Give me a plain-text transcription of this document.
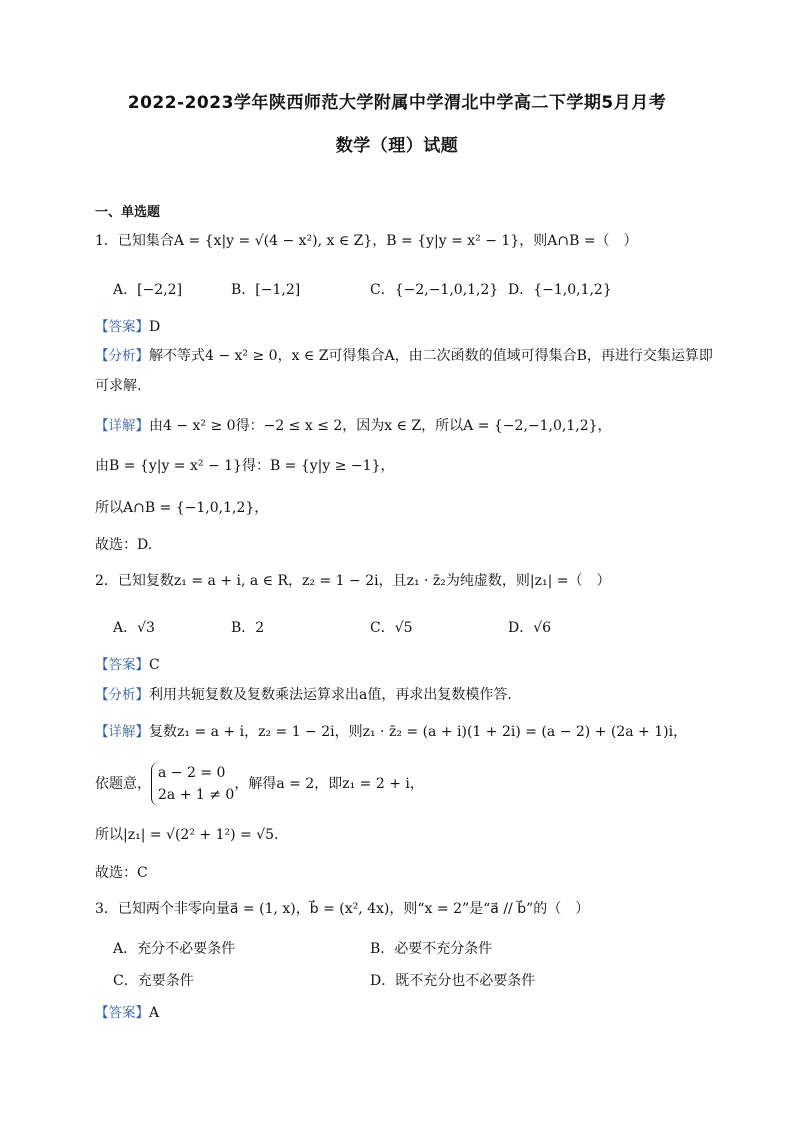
2022-2023学年陕西师范大学附属中学渭北中学高二下学期5月月考
数学（理）试题
一、单选题
1．已知集合A = {x|y = √(4 − x²), x ∈ Z}，B = {y|y = x² − 1}，则A∩B =（　）
A．[−2,2]	B．[−1,2]	C．{−2,−1,0,1,2} D．{−1,0,1,2}
【答案】D
【分析】解不等式4 − x² ≥ 0，x ∈ Z可得集合A，由二次函数的值域可得集合B，再进行交集运算即
可求解.
【详解】由4 − x² ≥ 0得：−2 ≤ x ≤ 2，因为x ∈ Z，所以A = {−2,−1,0,1,2}，
由B = {y|y = x² − 1}得：B = {y|y ≥ −1}，
所以A∩B = {−1,0,1,2}，
故选：D.
2．已知复数z₁ = a + i, a ∈ R，z₂ = 1 − 2i，且z₁ · z̄₂为纯虚数，则|z₁| =（　）
A．√3	B．2	C．√5	D．√6
【答案】C
【分析】利用共轭复数及复数乘法运算求出a值，再求出复数模作答.
【详解】复数z₁ = a + i，z₂ = 1 − 2i，则z₁ · z̄₂ = (a + i)(1 + 2i) = (a − 2) + (2a + 1)i，
依题意，
a − 2 = 0
2a + 1 ≠ 0
，解得a = 2，即z₁ = 2 + i，
所以|z₁| = √(2² + 1²) = √5.
故选：C
3．已知两个非零向量a⃗ = (1, x)，b⃗ = (x², 4x)，则“x = 2”是“a⃗ // b⃗”的（　）
A．充分不必要条件	B．必要不充分条件
C．充要条件	D．既不充分也不必要条件
【答案】A
